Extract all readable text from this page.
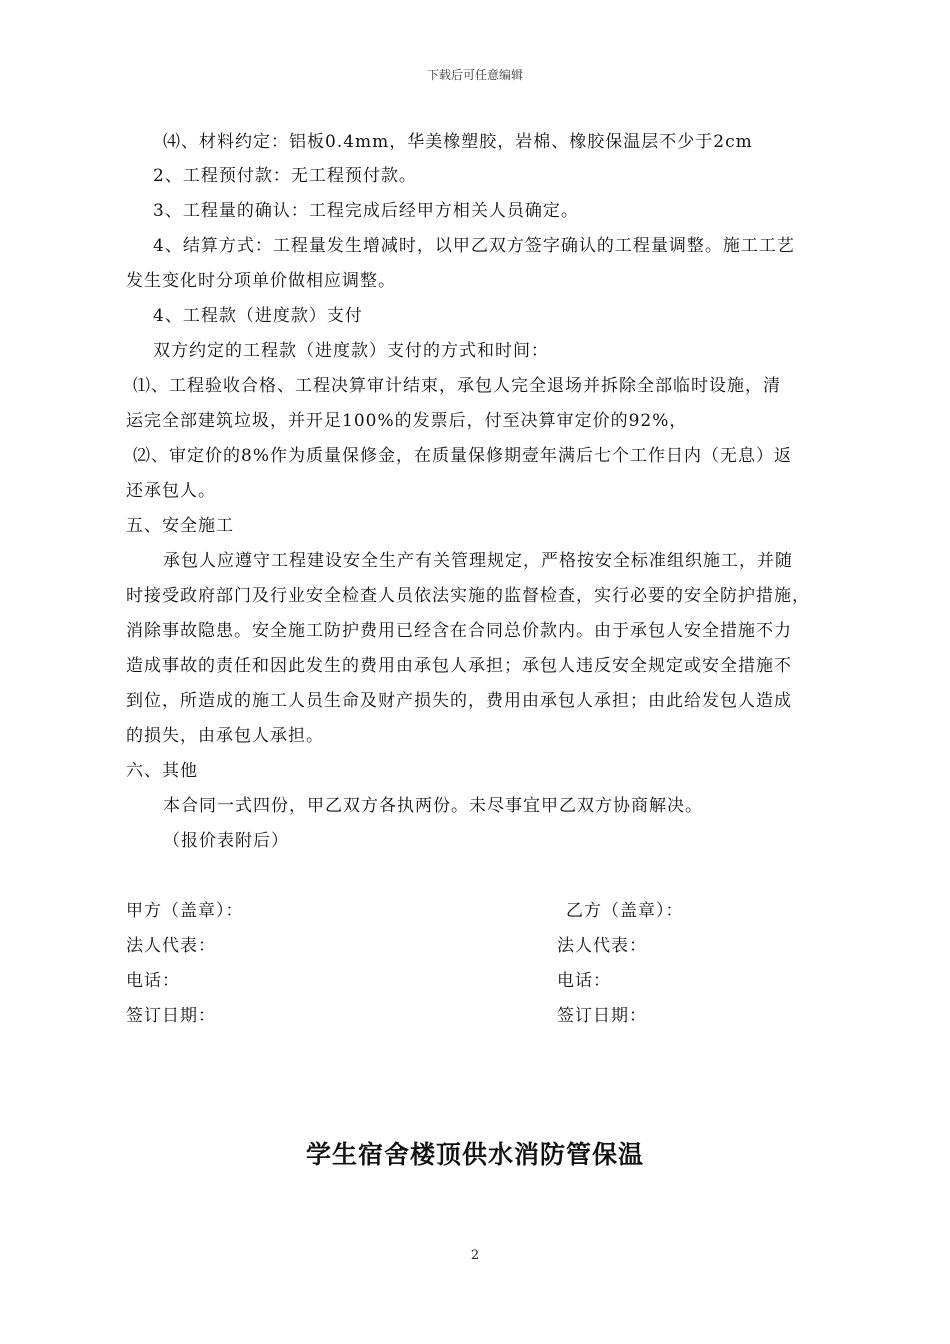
下载后可任意编辑
⑷、材料约定：铝板0.4mm，华美橡塑胶，岩棉、橡胶保温层不少于2cm
2、工程预付款：无工程预付款。
3、工程量的确认：工程完成后经甲方相关人员确定。
4、结算方式：工程量发生增减时，以甲乙双方签字确认的工程量调整。施工工艺
发生变化时分项单价做相应调整。
4、工程款（进度款）支付
双方约定的工程款（进度款）支付的方式和时间：
⑴、工程验收合格、工程决算审计结束，承包人完全退场并拆除全部临时设施，清
运完全部建筑垃圾，并开足100%的发票后，付至决算审定价的92%，
⑵、审定价的8%作为质量保修金，在质量保修期壹年满后七个工作日内（无息）返
还承包人。
五、安全施工
承包人应遵守工程建设安全生产有关管理规定，严格按安全标准组织施工，并随
时接受政府部门及行业安全检查人员依法实施的监督检查，实行必要的安全防护措施，
消除事故隐患。安全施工防护费用已经含在合同总价款内。由于承包人安全措施不力
造成事故的责任和因此发生的费用由承包人承担；承包人违反安全规定或安全措施不
到位，所造成的施工人员生命及财产损失的，费用由承包人承担；由此给发包人造成
的损失，由承包人承担。
六、其他
本合同一式四份，甲乙双方各执两份。未尽事宜甲乙双方协商解决。
（报价表附后）
甲方（盖章）：
法人代表：
电话：
签订日期：
乙方（盖章）：
法人代表：
电话：
签订日期：
学生宿舍楼顶供水消防管保温
2
